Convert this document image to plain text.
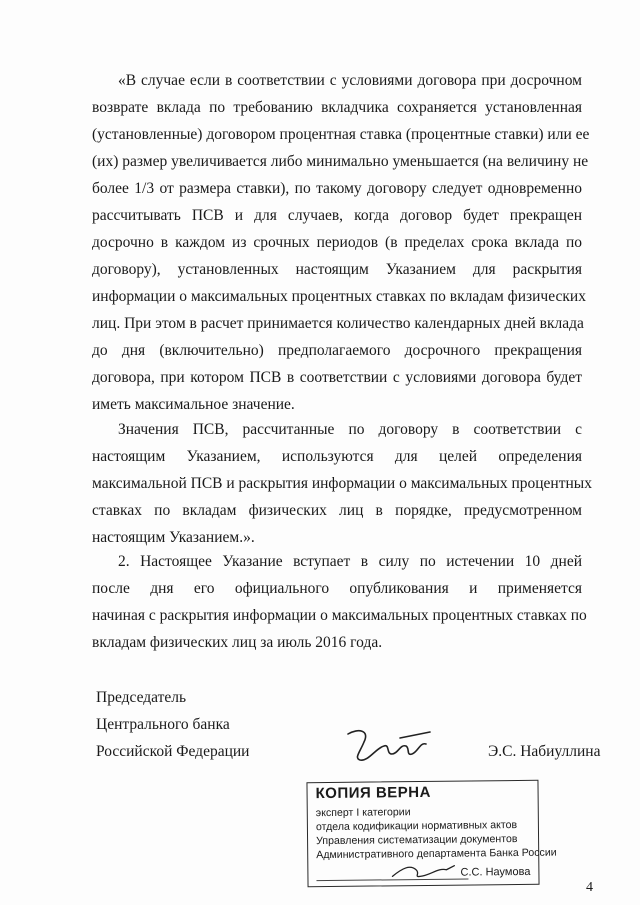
«В случае если в соответствии с условиями договора при досрочном
возврате вклада по требованию вкладчика сохраняется установленная
(установленные) договором процентная ставка (процентные ставки) или ее
(их) размер увеличивается либо минимально уменьшается (на величину не
более 1/3 от размера ставки), по такому договору следует одновременно
рассчитывать ПСВ и для случаев, когда договор будет прекращен
досрочно в каждом из срочных периодов (в пределах срока вклада по
договору), установленных настоящим Указанием для раскрытия
информации о максимальных процентных ставках по вкладам физических
лиц. При этом в расчет принимается количество календарных дней вклада
до дня (включительно) предполагаемого досрочного прекращения
договора, при котором ПСВ в соответствии с условиями договора будет
иметь максимальное значение.
Значения ПСВ, рассчитанные по договору в соответствии с
настоящим Указанием, используются для целей определения
максимальной ПСВ и раскрытия информации о максимальных процентных
ставках по вкладам физических лиц в порядке, предусмотренном
настоящим Указанием.».
2. Настоящее Указание вступает в силу по истечении 10 дней
после дня его официального опубликования и применяется
начиная с раскрытия информации о максимальных процентных ставках по
вкладам физических лиц за июль 2016 года.
Председатель
Центрального банка
Российской Федерации	Э.С. Набиуллина
КОПИЯ ВЕРНА
эксперт I категории
отдела кодификации нормативных актов
Управления систематизации документов
Административного департамента Банка России
С.С. Наумова
4
